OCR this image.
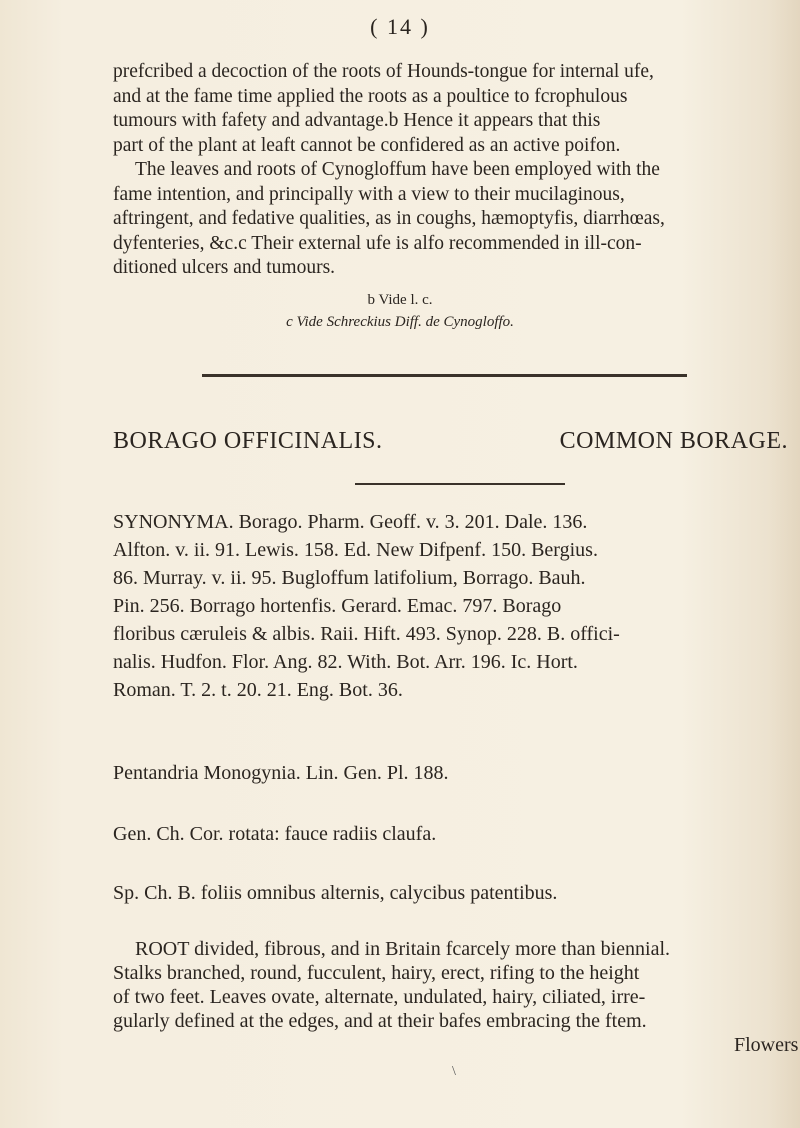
( 14 )
prefcribed a decoction of the roots of Hounds-tongue for internal ufe,
and at the fame time applied the roots as a poultice to fcrophulous
tumours with fafety and advantage.b Hence it appears that this
part of the plant at leaft cannot be confidered as an active poifon.
The leaves and roots of Cynogloffum have been employed with the
fame intention, and principally with a view to their mucilaginous,
aftringent, and fedative qualities, as in coughs, hæmoptyfis, diarrhœas,
dyfenteries, &c.c Their external ufe is alfo recommended in ill-con-
ditioned ulcers and tumours.
b Vide l. c.
c Vide Schreckius Diff. de Cynogloffo.
BORAGO OFFICINALIS.	COMMON BORAGE.
SYNONYMA. Borago. Pharm. Geoff. v. 3. 201. Dale. 136.
Alfton. v. ii. 91. Lewis. 158. Ed. New Difpenf. 150. Bergius.
86. Murray. v. ii. 95. Bugloffum latifolium, Borrago. Bauh.
Pin. 256. Borrago hortenfis. Gerard. Emac. 797. Borago
floribus cæruleis & albis. Raii. Hift. 493. Synop. 228. B. offici-
nalis. Hudfon. Flor. Ang. 82. With. Bot. Arr. 196. Ic. Hort.
Roman. T. 2. t. 20. 21. Eng. Bot. 36.
Pentandria Monogynia. Lin. Gen. Pl. 188.
Gen. Ch. Cor. rotata: fauce radiis claufa.
Sp. Ch. B. foliis omnibus alternis, calycibus patentibus.
ROOT divided, fibrous, and in Britain fcarcely more than biennial.
Stalks branched, round, fucculent, hairy, erect, rifing to the height
of two feet. Leaves ovate, alternate, undulated, hairy, ciliated, irre-
gularly defined at the edges, and at their bafes embracing the ftem.
Flowers
\
